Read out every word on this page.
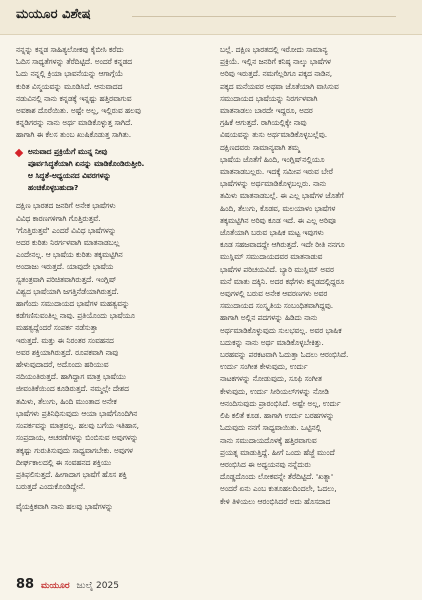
ಮಯೂರ ವಿಶೇಷ
ನನ್ನನ್ನು ಕನ್ನಡ ಸಾಹಿತ್ಯಲೋಕವು ಕೈಬೀಸಿ ಕರೆದು
ಓದಿಸ ಸಾಧ್ಯತೆಗಳನ್ನು ತೆರೆದಿಟ್ಟಿದೆ. ಅಂದರೆ ಕನ್ನಡದ
ಓದು ನನ್ನಲ್ಲಿ ಕ್ರಿಯಾ ಭಾವನೆಯನ್ನು ಆಗಾಗ್ಗೆಯೆ
ಕುರಿತ ವಿಸ್ಮಯವನ್ನು ಮೂಡಿಸಿದೆ. ಆನುವಾದದ
ನಡುವಿನಲ್ಲಿ ನಾನು ಕನ್ನಡಕ್ಕೆ ಇನ್ನಷ್ಟು ಹತ್ತಿರವಾಗುವ
ಅವಕಾಶ ದೊರೆಯಿತು. ಅಷ್ಟೇ ಅಲ್ಲ, ಇಲ್ಲಿರುವ ಹಲವು
ಕನ್ನಡಿಗರನ್ನು ನಾನು ಅರ್ಥ ಮಾಡಿಕೊಳ್ಳುತ್ತ ಸಾಗಿದೆ.
ಹಾಗಾಗಿ ಈ ಕೆಲಸ ತುಂಬ ಖುಷಿಕೊಡುತ್ತ ಸಾಗಿತು.
ಅನುವಾದ ಪ್ರಕ್ರಿಯೆಗೆ ಮುನ್ನ ನೀವು
ಪೂರ್ವಸಿದ್ಧತೆಯಾಗಿ ಏನನ್ನು ಮಾಡಿಕೊಂಡಿರುತ್ತೀರಿ.
ಆ ಸಿದ್ಧತೆ-ಅಧ್ಯಯನದ ವಿವರಗಳನ್ನು
ಹಂಚಿಕೊಳ್ಳಬಹುದಾ?
ದಕ್ಷಿಣ ಭಾರತದ ಜನರಿಗೆ ಅನೇಕ ಭಾಷೆಗಳು
ವಿವಿಧ ಕಾರಣಗಳಿಗಾಗಿ ಗೊತ್ತಿರುತ್ತವೆ.
'ಗೊತ್ತಿರುತ್ತವೆ' ಎಂದರೆ ವಿವಿಧ ಭಾಷೆಗಳನ್ನು
ಅದರ ಕುರಿತು ನಿರರ್ಗಳವಾಗಿ ಮಾತನಾಡಬಲ್ಲ
ಎಂದೇನಲ್ಲ. ಆ ಭಾಷೆಯ ಕುರಿತು ತಕ್ಕಮಟ್ಟಿಗಿನ
ಅಂದಾಜು ಇರುತ್ತದೆ. ಯಾವುದೇ ಭಾಷೆಯ
ಸ್ವತಂತ್ರವಾಗಿ ಪರಿಚಿತವಾಗಿರುತ್ತದೆ. ಇಂಗ್ಲಿಷ್
ವಿಶ್ವದ ಭಾಷೆಯಾಗಿ ಜಗತ್ತಿನೆಡೆಯಾಗಿರುತ್ತದೆ.
ಹಾಗೆಂದು ಸಮುದಾಯದ ಭಾಷೆಗಳ ಮಹತ್ವವನ್ನು
ಕಡೆಗಣಿಸುವಂತಿಲ್ಲ ನಾವು. ಪ್ರತಿಯೊಂದು ಭಾಷೆಯೂ
ಮಹತ್ವದ್ದೆಂದರೆ ಸಂಪರ್ಕ ನಡೆಸುತ್ತಾ
ಇರುತ್ತದೆ. ಮತ್ತು ಈ ನಿರಂತರ ಸಂವಹನದ
ಅವರ ಶಕ್ತಿಯಾಗಿರುತ್ತದೆ. ರೂಪಕವಾಗಿ ನಾವು
ಹೇಳುವುದಾದರೆ, ಅದೊಂದು ಹರಿಯುವ
ನದಿಯಂತಿರುತ್ತದೆ. ಹಾಗಿದ್ದಾಗ ಮಾತ್ರ ಭಾಷೆಯು
ಜೀವಂತಿಕೆಯಿಂದ ಕೂಡಿರುತ್ತದೆ. ನಮ್ಮಲ್ಲೇ ದೇಶದ
ತಮಿಳು, ತೆಲುಗು, ಹಿಂದಿ ಮುಂತಾದ ಅನೇಕ
ಭಾಷೆಗಳು ಪ್ರತಿನಿಧಿಸುವುದು ಆಯಾ ಭಾಷೆಗೊಂದಿಗಿನ
ಸಂಪರ್ಕವನ್ನು ಮಾತ್ರವಲ್ಲ. ಹಲವು ಬಗೆಯ ಇತಿಹಾಸ,
ಸಂಪ್ರದಾಯ, ಆಚರಣೆಗಳನ್ನು ಬಿಂಬಿಸುವ ಅವುಗಳನ್ನು
ತಕ್ಕಷ್ಟು ಗುರುತಿಸುವುದು ಸಾಧ್ಯವಾಗಬೇಕು. ಅವುಗಳ
ದೀರ್ಘಕಾಲದಲ್ಲಿ ಈ ಸಂವಹನದ ಶಕ್ತಿಯು
ಪ್ರತಿಫಲಿಸುತ್ತದೆ. ಹೀಗಾದಾಗ ಭಾಷೆಗೆ ಹೊಸ ಶಕ್ತಿ
ಬರುತ್ತದೆ ಎಂದುಕೊಂಡಿದ್ದೇನೆ.
ವೈಯಕ್ತಿಕವಾಗಿ ನಾನು ಹಲವು ಭಾಷೆಗಳನ್ನು
ಬಲ್ಲೆ. ದಕ್ಷಿಣ ಭಾರತದಲ್ಲಿ ಇರೋದು ಸಾಮಾನ್ಯ
ಪ್ರಕ್ರಿಯೆ. ಇಲ್ಲಿನ ಜನರಿಗೆ ಕನಿಷ್ಠ ನಾಲ್ಕು ಭಾಷೆಗಳ
ಅರಿವು ಇರುತ್ತದೆ. ನಮಗೆಲ್ಲರಿಗೂ ಪಕ್ಕದ ನಾಡಿನ,
ಪಕ್ಕದ ಮನೆಯವರ ಅಥವಾ ಜೊತೆಯಾಗಿ ವಾಸಿಸುವ
ಸಮುದಾಯದ ಭಾಷೆಯನ್ನು ನಿರರ್ಗಳವಾಗಿ
ಮಾತನಾಡಲು ಬಾರದೇ ಇದ್ದರೂ, ಅದರ
ಗ್ರಹಿಕೆ ಆಗುತ್ತದೆ. ರಾಗಿಯಲ್ಲಿಕ್ಕೇ ನಾವು
ವಿಷಯವನ್ನು ತುಸು ಅರ್ಥಮಾಡಿಕೊಳ್ಳಬಲ್ಲೆವು.
ದಕ್ಷಿಣದವರು ಸಾಮಾನ್ಯವಾಗಿ ತಮ್ಮ
ಭಾಷೆಯ ಜೊತೆಗೆ ಹಿಂದಿ, ಇಂಗ್ಲಿಷ್‌ನಲ್ಲಿಯೂ
ಮಾತನಾಡಬಲ್ಲರು. ಇದಕ್ಕೆ ಸಮೀಪ ಇರುವ ಬೇರೆ
ಭಾಷೆಗಳನ್ನು ಅರ್ಥಮಾಡಿಕೊಳ್ಳಬಲ್ಲರು. ನಾನು
ತಮಿಳು ಮಾತನಾಡಬಲ್ಲೆ. ಈ ಎಲ್ಲ ಭಾಷೆಗಳ ಜೊತೆಗೆ
ಹಿಂದಿ, ತೆಲುಗು, ಕೊಡವ, ಮಲಯಾಳಂ ಭಾಷೆಗಳ
ತಕ್ಕಮಟ್ಟಿಗಿನ ಅರಿವು ಕೂಡ ಇದೆ. ಈ ಎಲ್ಲ ಅರಿವೂ
ಜೊತೆಯಾಗಿ ಬರುವ ಭಾಷಿಕ ಮಟ್ಟ ಇವುಗಳು
ಕೂಡ ಸಹಜವಾದದ್ದೇ ಆಗಿರುತ್ತದೆ. ಇದೇ ರೀತಿ ನನಗೂ
ಮುಸ್ಲಿಮ್ ಸಮುದಾಯದವರ ಮಾತನಾಡುವ
ಭಾಷೆಗಳ ಪರಿಚಯವಿದೆ. ಬ್ಯಾರಿ ಮುಸ್ಲಿಮ್ ಅವರ
ಮನೆ ಮಾತು ದಕ್ಕಿನಿ. ಅದರ ಕಥೆಗಳು ಕನ್ನಡದಲ್ಲಿದ್ದರೂ
ಅವುಗಳಲ್ಲಿ ಬರುವ ಅನೇಕ ಆವರಣಗಳು ಅವರ
ಸಮುದಾಯದ ಸಂಸ್ಕೃತಿಯ ಸಂಬಂಧಿತವಾಗಿದ್ದವು.
ಹಾಗಾಗಿ ಅಲ್ಲಿನ ಪದಗಳನ್ನು ಹಿಡಿದು ನಾನು
ಅರ್ಥಮಾಡಿಕೊಳ್ಳುವುದು ಸುಲಭವಲ್ಲ. ಅವರ ಭಾಷಿಕ
ಬದುಕನ್ನು ನಾನು ಅರ್ಥ ಮಾಡಿಕೊಳ್ಳಬೇಕಿತ್ತು.
ಬರಹವನ್ನು ಪರಕಟವಾಗಿ ಓದುತ್ತಾ ಓದಲು ಆರಂಭಿಸಿದೆ.
ಉರ್ದು ಸಂಗೀತ ಕೇಳುವುದು, ಉರ್ದು
ನಾಟಕಗಳನ್ನು ನೋಡುವುದು, ಸೂಫಿ ಸಂಗೀತ
ಕೇಳುವುದು, ಉರ್ದು ಸೀರಿಯಲ್‌ಗಳನ್ನು ನೋಡಿ
ಆನಂದಿಸುವುದು ಪ್ರಾರಂಭಿಸಿದೆ. ಅಷ್ಟೇ ಅಲ್ಲ, ಉರ್ದು
ಲಿಪಿ ಕಲಿತೆ ಕೂಡ. ಹಾಗಾಗಿ ಉರ್ದು ಬರಹಗಳನ್ನು
ಓದುವುದು ನನಗೆ ಸಾಧ್ಯವಾಯಿತು. ಒಟ್ಟಿನಲ್ಲಿ
ನಾನು ಸಮುದಾಯದೊಳಕ್ಕೆ ಹತ್ತಿರವಾಗುವ
ಪ್ರಯತ್ನ ಮಾಡುತ್ತಿದ್ದೆ. ಹೀಗೆ ಒಂದು ಹೆಜ್ಜೆ ಮುಂದೆ
ಆರಂಭಿಸಿದ ಈ ಅಧ್ಯಯನವು ನನ್ನೆದುರು
ದೊಡ್ಡದೊಂದು ಲೋಕವನ್ನೇ ತೆರೆದಿಟ್ಟಿದೆ. 'ಖತ್ನಾ'
ಅಂದರೆ ಏನು ಎಂಬ ಕುತೂಹಲದಿಂದಲೇ, ಓದಲು,
ಕೇಳಿ ತಿಳಿಯಲು ಆರಂಭಿಸಿದರೆ ಅದು ಹೊಸದಾದ
88 ಮಯೂರ ಜುಲೈ 2025
